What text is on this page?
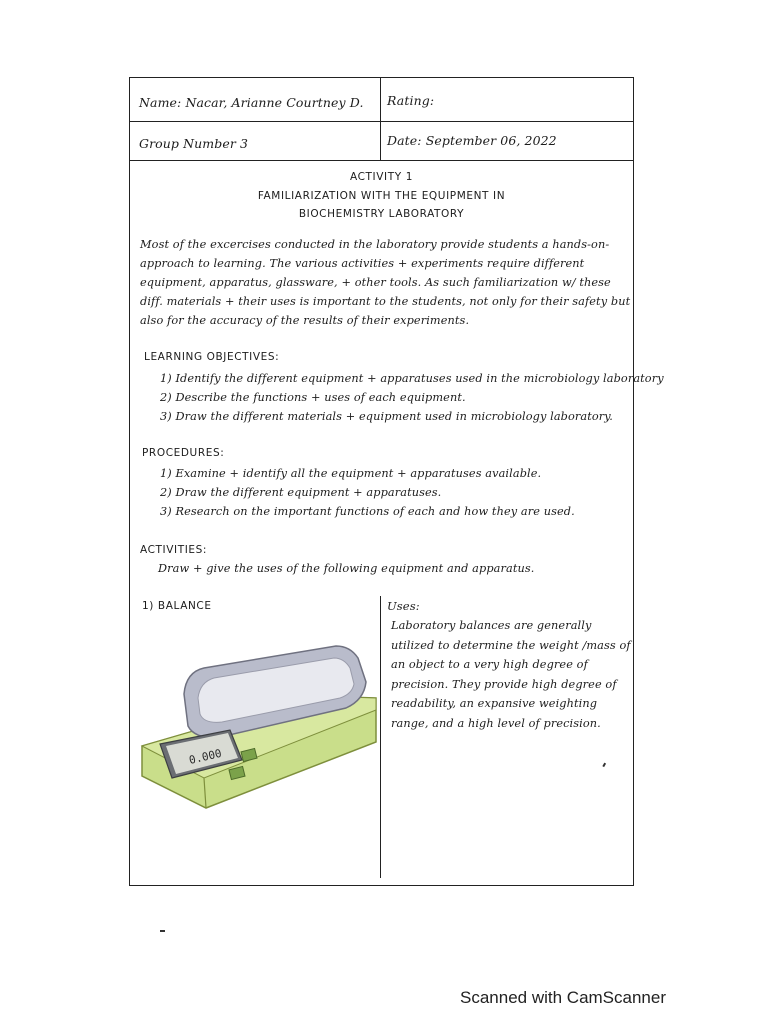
Name: Nacar, Arianne Courtney D. Rating:
Group Number 3	Date: September 06, 2022
ACTIVITY 1
FAMILIARIZATION WITH THE EQUIPMENT IN
BIOCHEMISTRY LABORATORY
Most of the excercises conducted in the laboratory provide students a hands-on-approach to learning. The various activities + experiments require different equipment, apparatus, glassware, + other tools. As such familiarization w/ these diff. materials + their uses is important to the students, not only for their safety but also for the accuracy of the results of their experiments.
LEARNING OBJECTIVES:
1) Identify the different equipment + apparatuses used in the microbiology laboratory
2) Describe the functions + uses of each equipment.
3) Draw the different materials + equipment used in microbiology laboratory.
PROCEDURES:
1) Examine + identify all the equipment + apparatuses available.
2) Draw the different equipment + apparatuses.
3) Research on the important functions of each and how they are used.
ACTIVITIES:
Draw + give the uses of the following equipment and apparatus.
1) BALANCE	Uses:
Laboratory balances are generally utilized to determine the weight /mass of an object to a very high degree of precision. They provide high degree of readability, an expansive weighting range, and a high level of precision.
0.000
Scanned with CamScanner
